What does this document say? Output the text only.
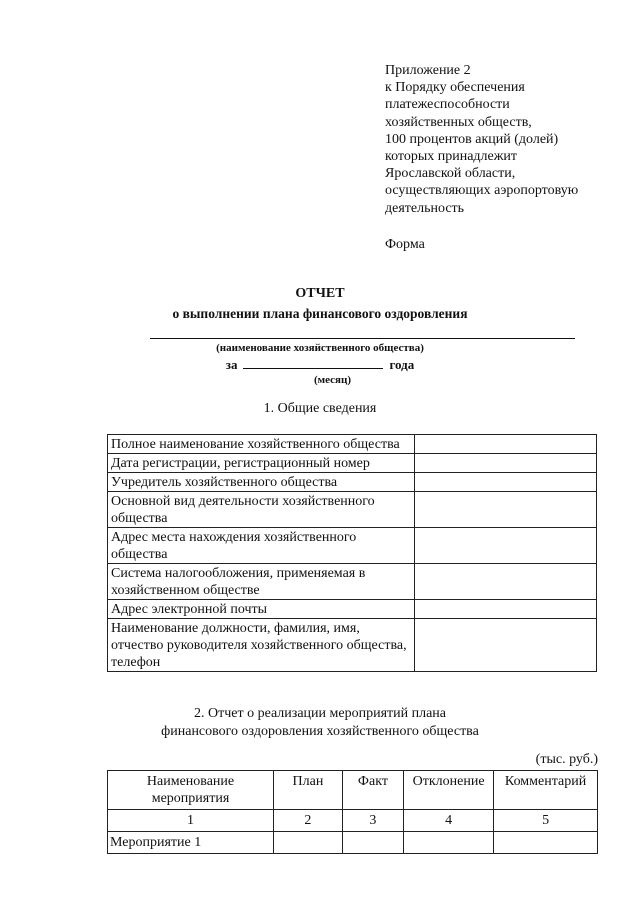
Приложение 2
к Порядку обеспечения
платежеспособности
хозяйственных обществ,
100 процентов акций (долей)
которых принадлежит
Ярославской области,
осуществляющих аэропортовую
деятельность
Форма
ОТЧЕТ
о выполнении плана финансового оздоровления
(наименование хозяйственного общества)
за	года
(месяц)
1. Общие сведения
Полное наименование хозяйственного общества	
Дата регистрации, регистрационный номер	
Учредитель хозяйственного общества	
Основной вид деятельности хозяйственного общества	
Адрес места нахождения хозяйственного общества	
Система налогообложения, применяемая в хозяйственном обществе	
Адрес электронной почты	
Наименование должности, фамилия, имя, отчество руководителя хозяйственного общества, телефон	
2. Отчет о реализации мероприятий плана
финансового оздоровления хозяйственного общества
(тыс. руб.)
Наименование мероприятия	План	Факт	Отклонение	Комментарий
1	2	3	4	5
Мероприятие 1				
